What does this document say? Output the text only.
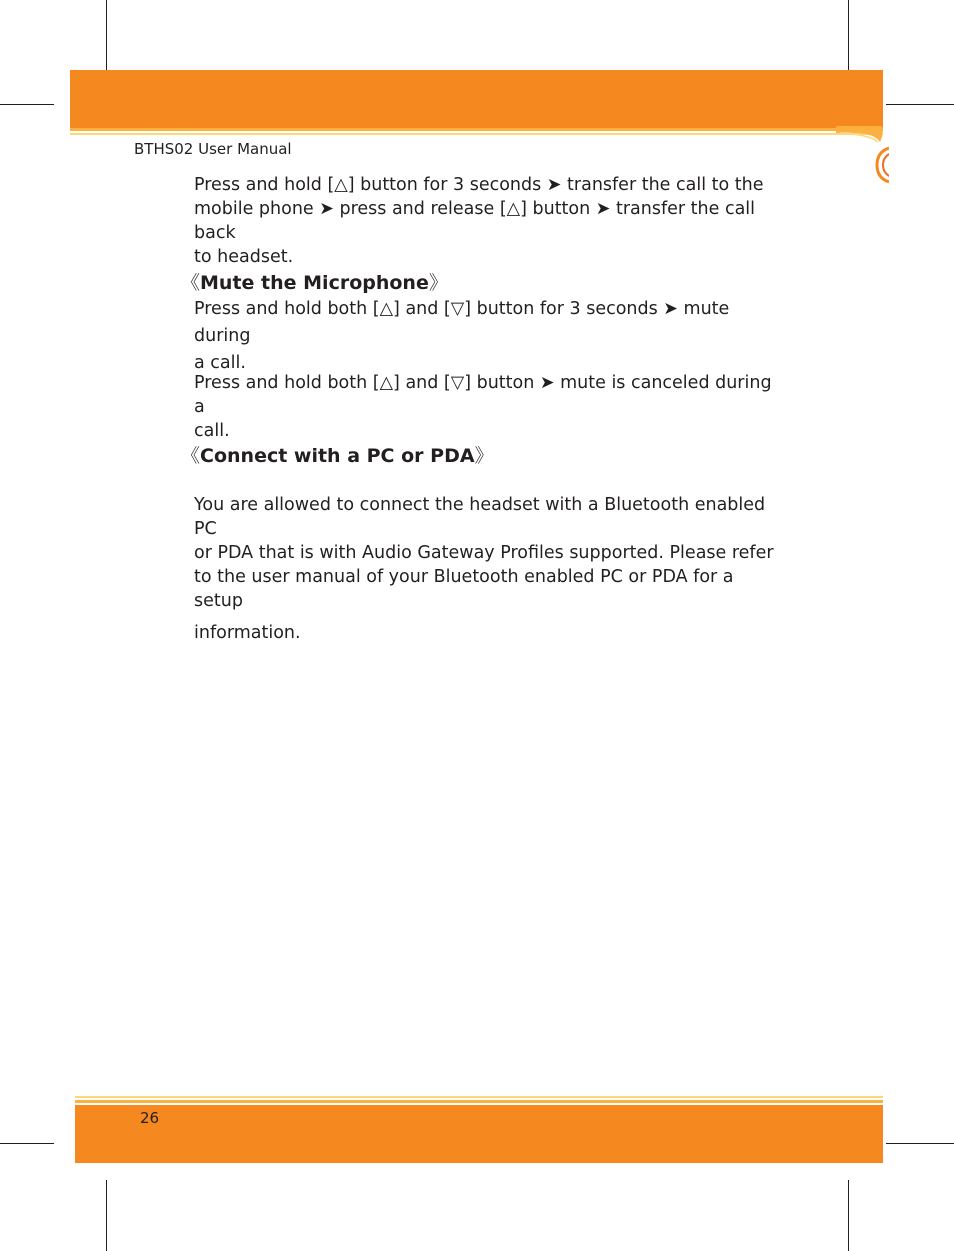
BTHS02 User Manual

Press and hold [△] button for 3 seconds ➤ transfer the call to the
mobile phone ➤ press and release [△] button ➤ transfer the call back
to headset.

《Mute the Microphone》

Press and hold both [△] and [▽] button for 3 seconds ➤ mute during
a call.

Press and hold both [△] and [▽] button ➤ mute is canceled during a
call.

《Connect with a PC or PDA》

You are allowed to connect the headset with a Bluetooth enabled PC
or PDA that is with Audio Gateway Profiles supported. Please refer
to the user manual of your Bluetooth enabled PC or PDA for a setup
information.

26
